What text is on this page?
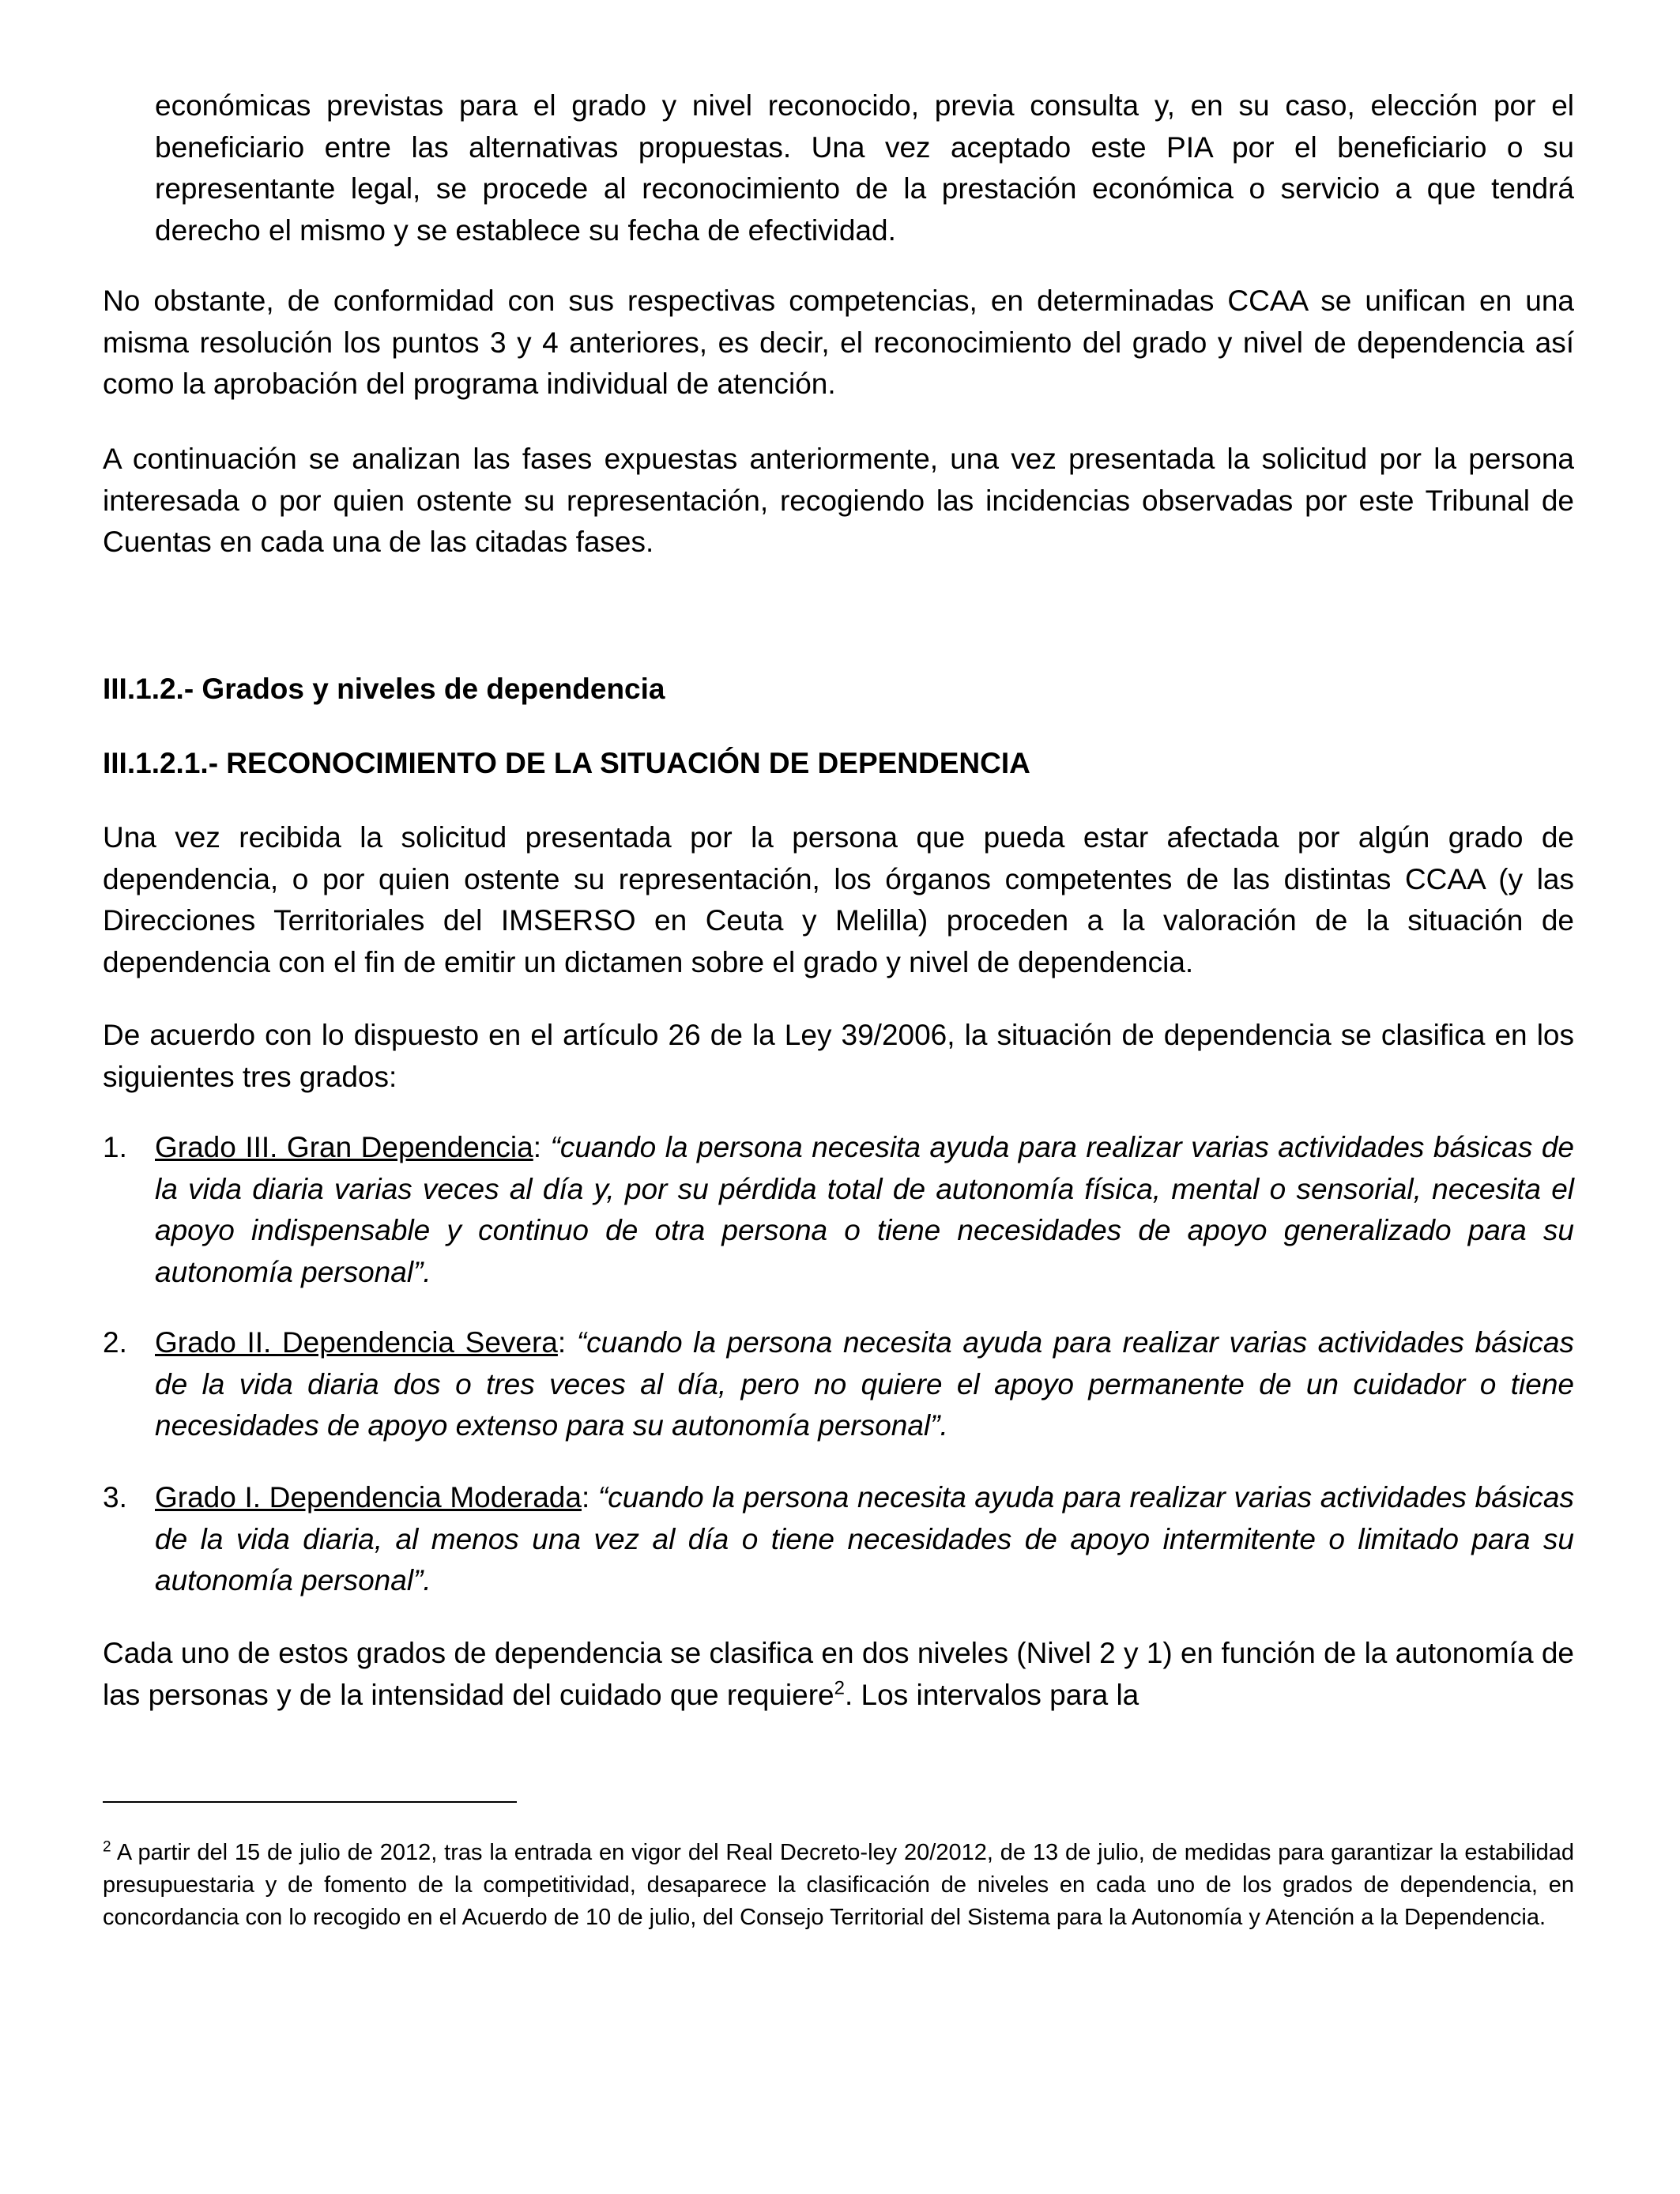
económicas previstas para el grado y nivel reconocido, previa consulta y, en su caso, elección por el beneficiario entre las alternativas propuestas. Una vez aceptado este PIA por el beneficiario o su representante legal, se procede al reconocimiento de la prestación económica o servicio a que tendrá derecho el mismo y se establece su fecha de efectividad.

No obstante, de conformidad con sus respectivas competencias, en determinadas CCAA se unifican en una misma resolución los puntos 3 y 4 anteriores, es decir, el reconocimiento del grado y nivel de dependencia así como la aprobación del programa individual de atención.

A continuación se analizan las fases expuestas anteriormente, una vez presentada la solicitud por la persona interesada o por quien ostente su representación, recogiendo las incidencias observadas por este Tribunal de Cuentas en cada una de las citadas fases.

III.1.2.- Grados y niveles de dependencia
III.1.2.1.- RECONOCIMIENTO DE LA SITUACIÓN DE DEPENDENCIA

Una vez recibida la solicitud presentada por la persona que pueda estar afectada por algún grado de dependencia, o por quien ostente su representación, los órganos competentes de las distintas CCAA (y las Direcciones Territoriales del IMSERSO en Ceuta y Melilla) proceden a la valoración de la situación de dependencia con el fin de emitir un dictamen sobre el grado y nivel de dependencia.

De acuerdo con lo dispuesto en el artículo 26 de la Ley 39/2006, la situación de dependencia se clasifica en los siguientes tres grados:

1. Grado III. Gran Dependencia: “cuando la persona necesita ayuda para realizar varias actividades básicas de la vida diaria varias veces al día y, por su pérdida total de autonomía física, mental o sensorial, necesita el apoyo indispensable y continuo de otra persona o tiene necesidades de apoyo generalizado para su autonomía personal”.

2. Grado II. Dependencia Severa: “cuando la persona necesita ayuda para realizar varias actividades básicas de la vida diaria dos o tres veces al día, pero no quiere el apoyo permanente de un cuidador o tiene necesidades de apoyo extenso para su autonomía personal”.

3. Grado I. Dependencia Moderada: “cuando la persona necesita ayuda para realizar varias actividades básicas de la vida diaria, al menos una vez al día o tiene necesidades de apoyo intermitente o limitado para su autonomía personal”.

Cada uno de estos grados de dependencia se clasifica en dos niveles (Nivel 2 y 1) en función de la autonomía de las personas y de la intensidad del cuidado que requiere$^2$. Los intervalos para la

$^2$ A partir del 15 de julio de 2012, tras la entrada en vigor del Real Decreto-ley 20/2012, de 13 de julio, de medidas para garantizar la estabilidad presupuestaria y de fomento de la competitividad, desaparece la clasificación de niveles en cada uno de los grados de dependencia, en concordancia con lo recogido en el Acuerdo de 10 de julio, del Consejo Territorial del Sistema para la Autonomía y Atención a la Dependencia.
